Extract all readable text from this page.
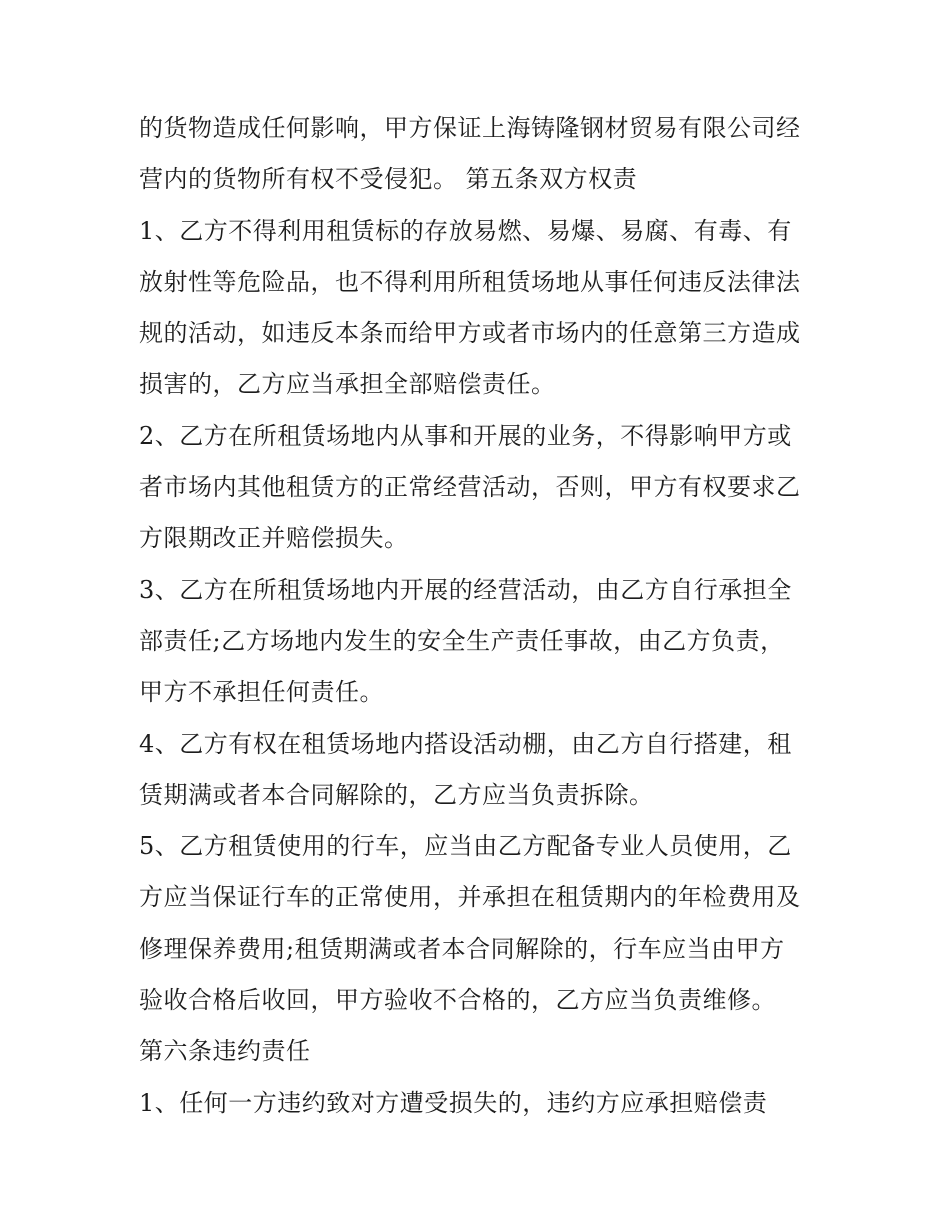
的货物造成任何影响，甲方保证上海铸隆钢材贸易有限公司经
营内的货物所有权不受侵犯。 第五条双方权责
1、乙方不得利用租赁标的存放易燃、易爆、易腐、有毒、有
放射性等危险品，也不得利用所租赁场地从事任何违反法律法
规的活动，如违反本条而给甲方或者市场内的任意第三方造成
损害的，乙方应当承担全部赔偿责任。
2、乙方在所租赁场地内从事和开展的业务，不得影响甲方或
者市场内其他租赁方的正常经营活动，否则，甲方有权要求乙
方限期改正并赔偿损失。
3、乙方在所租赁场地内开展的经营活动，由乙方自行承担全
部责任;乙方场地内发生的安全生产责任事故，由乙方负责，
甲方不承担任何责任。
4、乙方有权在租赁场地内搭设活动棚，由乙方自行搭建，租
赁期满或者本合同解除的，乙方应当负责拆除。
5、乙方租赁使用的行车，应当由乙方配备专业人员使用，乙
方应当保证行车的正常使用，并承担在租赁期内的年检费用及
修理保养费用;租赁期满或者本合同解除的，行车应当由甲方
验收合格后收回，甲方验收不合格的，乙方应当负责维修。
第六条违约责任
1、任何一方违约致对方遭受损失的，违约方应承担赔偿责
